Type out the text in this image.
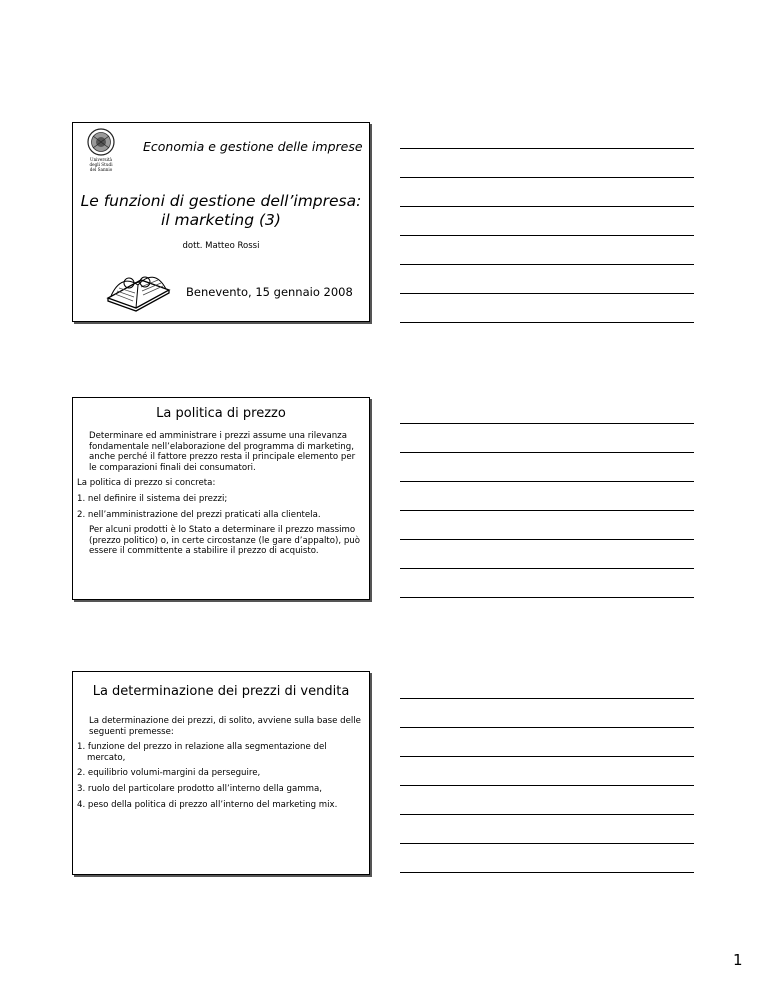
Università
degli Studi
del Sannio
Economia e gestione delle imprese
Le funzioni di gestione dell’impresa:
il marketing (3)
dott. Matteo Rossi
Benevento, 15 gennaio 2008
La politica di prezzo

Determinare ed amministrare i prezzi assume una rilevanza fondamentale nell’elaborazione del programma di marketing, anche perché il fattore prezzo resta il principale elemento per le comparazioni finali dei consumatori.

La politica di prezzo si concreta:

1. nel definire il sistema dei prezzi;

2. nell’amministrazione del prezzi praticati alla clientela.

Per alcuni prodotti è lo Stato a determinare il prezzo massimo (prezzo politico) o, in certe circostanze (le gare d’appalto), può essere il committente a stabilire il prezzo di acquisto.

La determinazione dei prezzi di vendita

La determinazione dei prezzi, di solito, avviene sulla base delle seguenti premesse:

1. funzione del prezzo in relazione alla segmentazione del mercato,

2. equilibrio volumi-margini da perseguire,

3. ruolo del particolare prodotto all’interno della gamma,

4. peso della politica di prezzo all’interno del marketing mix.

1
